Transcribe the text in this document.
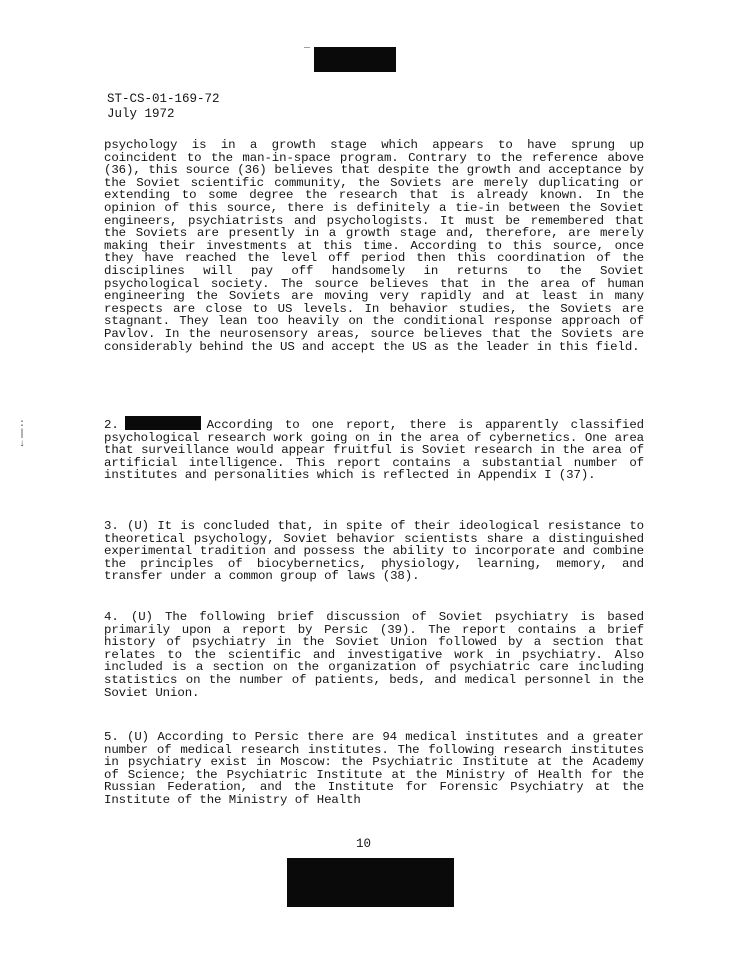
_
ST-CS-01-169-72
July 1972

psychology is in a growth stage which appears to have sprung up coincident to the man-in-space program. Contrary to the reference above (36), this source (36) believes that despite the growth and acceptance by the Soviet scientific community, the Soviets are merely duplicating or extending to some degree the research that is already known. In the opinion of this source, there is definitely a tie-in between the Soviet engineers, psychiatrists and psychologists. It must be remembered that the Soviets are presently in a growth stage and, therefore, are merely making their investments at this time. According to this source, once they have reached the level off period then this coordination of the disciplines will pay off handsomely in returns to the Soviet psychological society. The source believes that in the area of human engineering the Soviets are moving very rapidly and at least in many respects are close to US levels. In behavior studies, the Soviets are stagnant. They lean too heavily on the conditional response approach of Pavlov. In the neurosensory areas, source believes that the Soviets are considerably behind the US and accept the US as the leader in this field.

:
|
↓

2.	According to one report, there is apparently classified psychological research work going on in the area of cybernetics. One area that surveillance would appear fruitful is Soviet research in the area of artificial intelligence. This report contains a substantial number of institutes and personalities which is reflected in Appendix I (37).

3. (U) It is concluded that, in spite of their ideological resistance to theoretical psychology, Soviet behavior scientists share a distinguished experimental tradition and possess the ability to incorporate and combine the principles of biocybernetics, physiology, learning, memory, and transfer under a common group of laws (38).

4. (U) The following brief discussion of Soviet psychiatry is based primarily upon a report by Persic (39). The report contains a brief history of psychiatry in the Soviet Union followed by a section that relates to the scientific and investigative work in psychiatry. Also included is a section on the organization of psychiatric care including statistics on the number of patients, beds, and medical personnel in the Soviet Union.

5. (U) According to Persic there are 94 medical institutes and a greater number of medical research institutes. The following research institutes in psychiatry exist in Moscow: the Psychiatric Institute at the Academy of Science; the Psychiatric Institute at the Ministry of Health for the Russian Federation, and the Institute for Forensic Psychiatry at the Institute of the Ministry of Health

10
